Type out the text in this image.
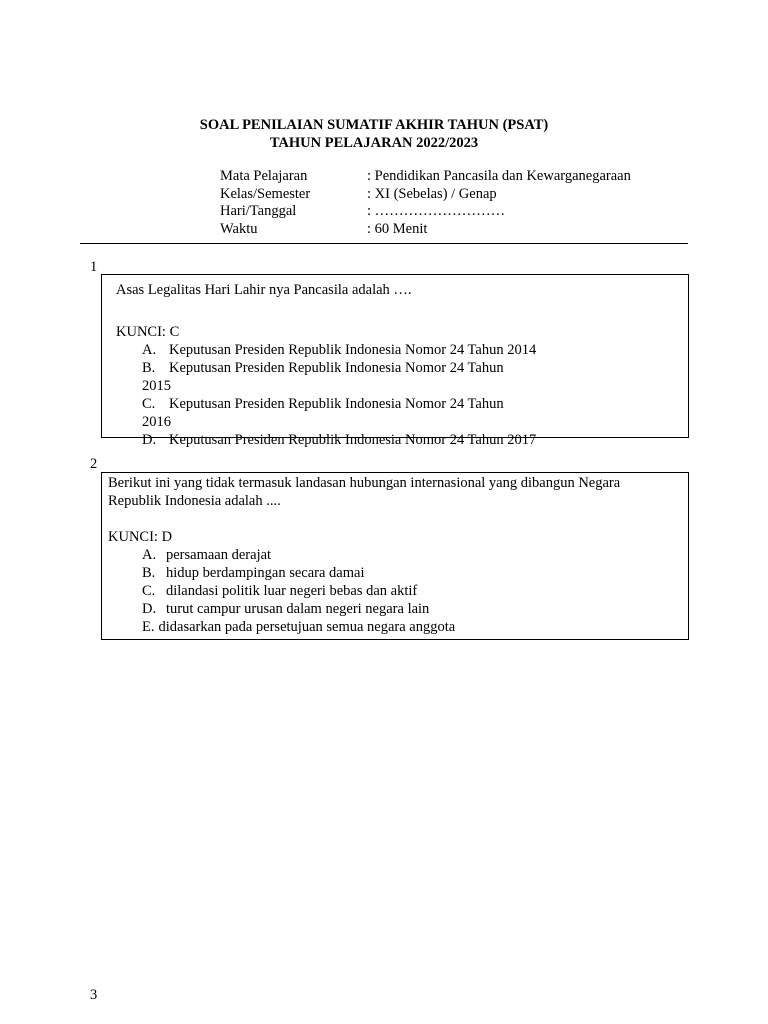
SOAL PENILAIAN SUMATIF AKHIR TAHUN (PSAT)
TAHUN PELAJARAN 2022/2023
Mata Pelajaran	: Pendidikan Pancasila dan Kewarganegaraan
Kelas/Semester	: XI (Sebelas) / Genap
Hari/Tanggal	: ………………………
Waktu	: 60 Menit
1
Asas Legalitas Hari Lahir nya Pancasila adalah ….
KUNCI: C
A. Keputusan Presiden Republik Indonesia Nomor 24 Tahun 2014
B. Keputusan Presiden Republik Indonesia Nomor 24 Tahun 2015
C. Keputusan Presiden Republik Indonesia Nomor 24 Tahun 2016
D. Keputusan Presiden Republik Indonesia Nomor 24 Tahun 2017
2
Berikut ini yang tidak termasuk landasan hubungan internasional yang dibangun Negara Republik Indonesia adalah ....
KUNCI: D
A. persamaan derajat
B. hidup berdampingan secara damai
C. dilandasi politik luar negeri bebas dan aktif
D. turut campur urusan dalam negeri negara lain
E. didasarkan pada persetujuan semua negara anggota
3
